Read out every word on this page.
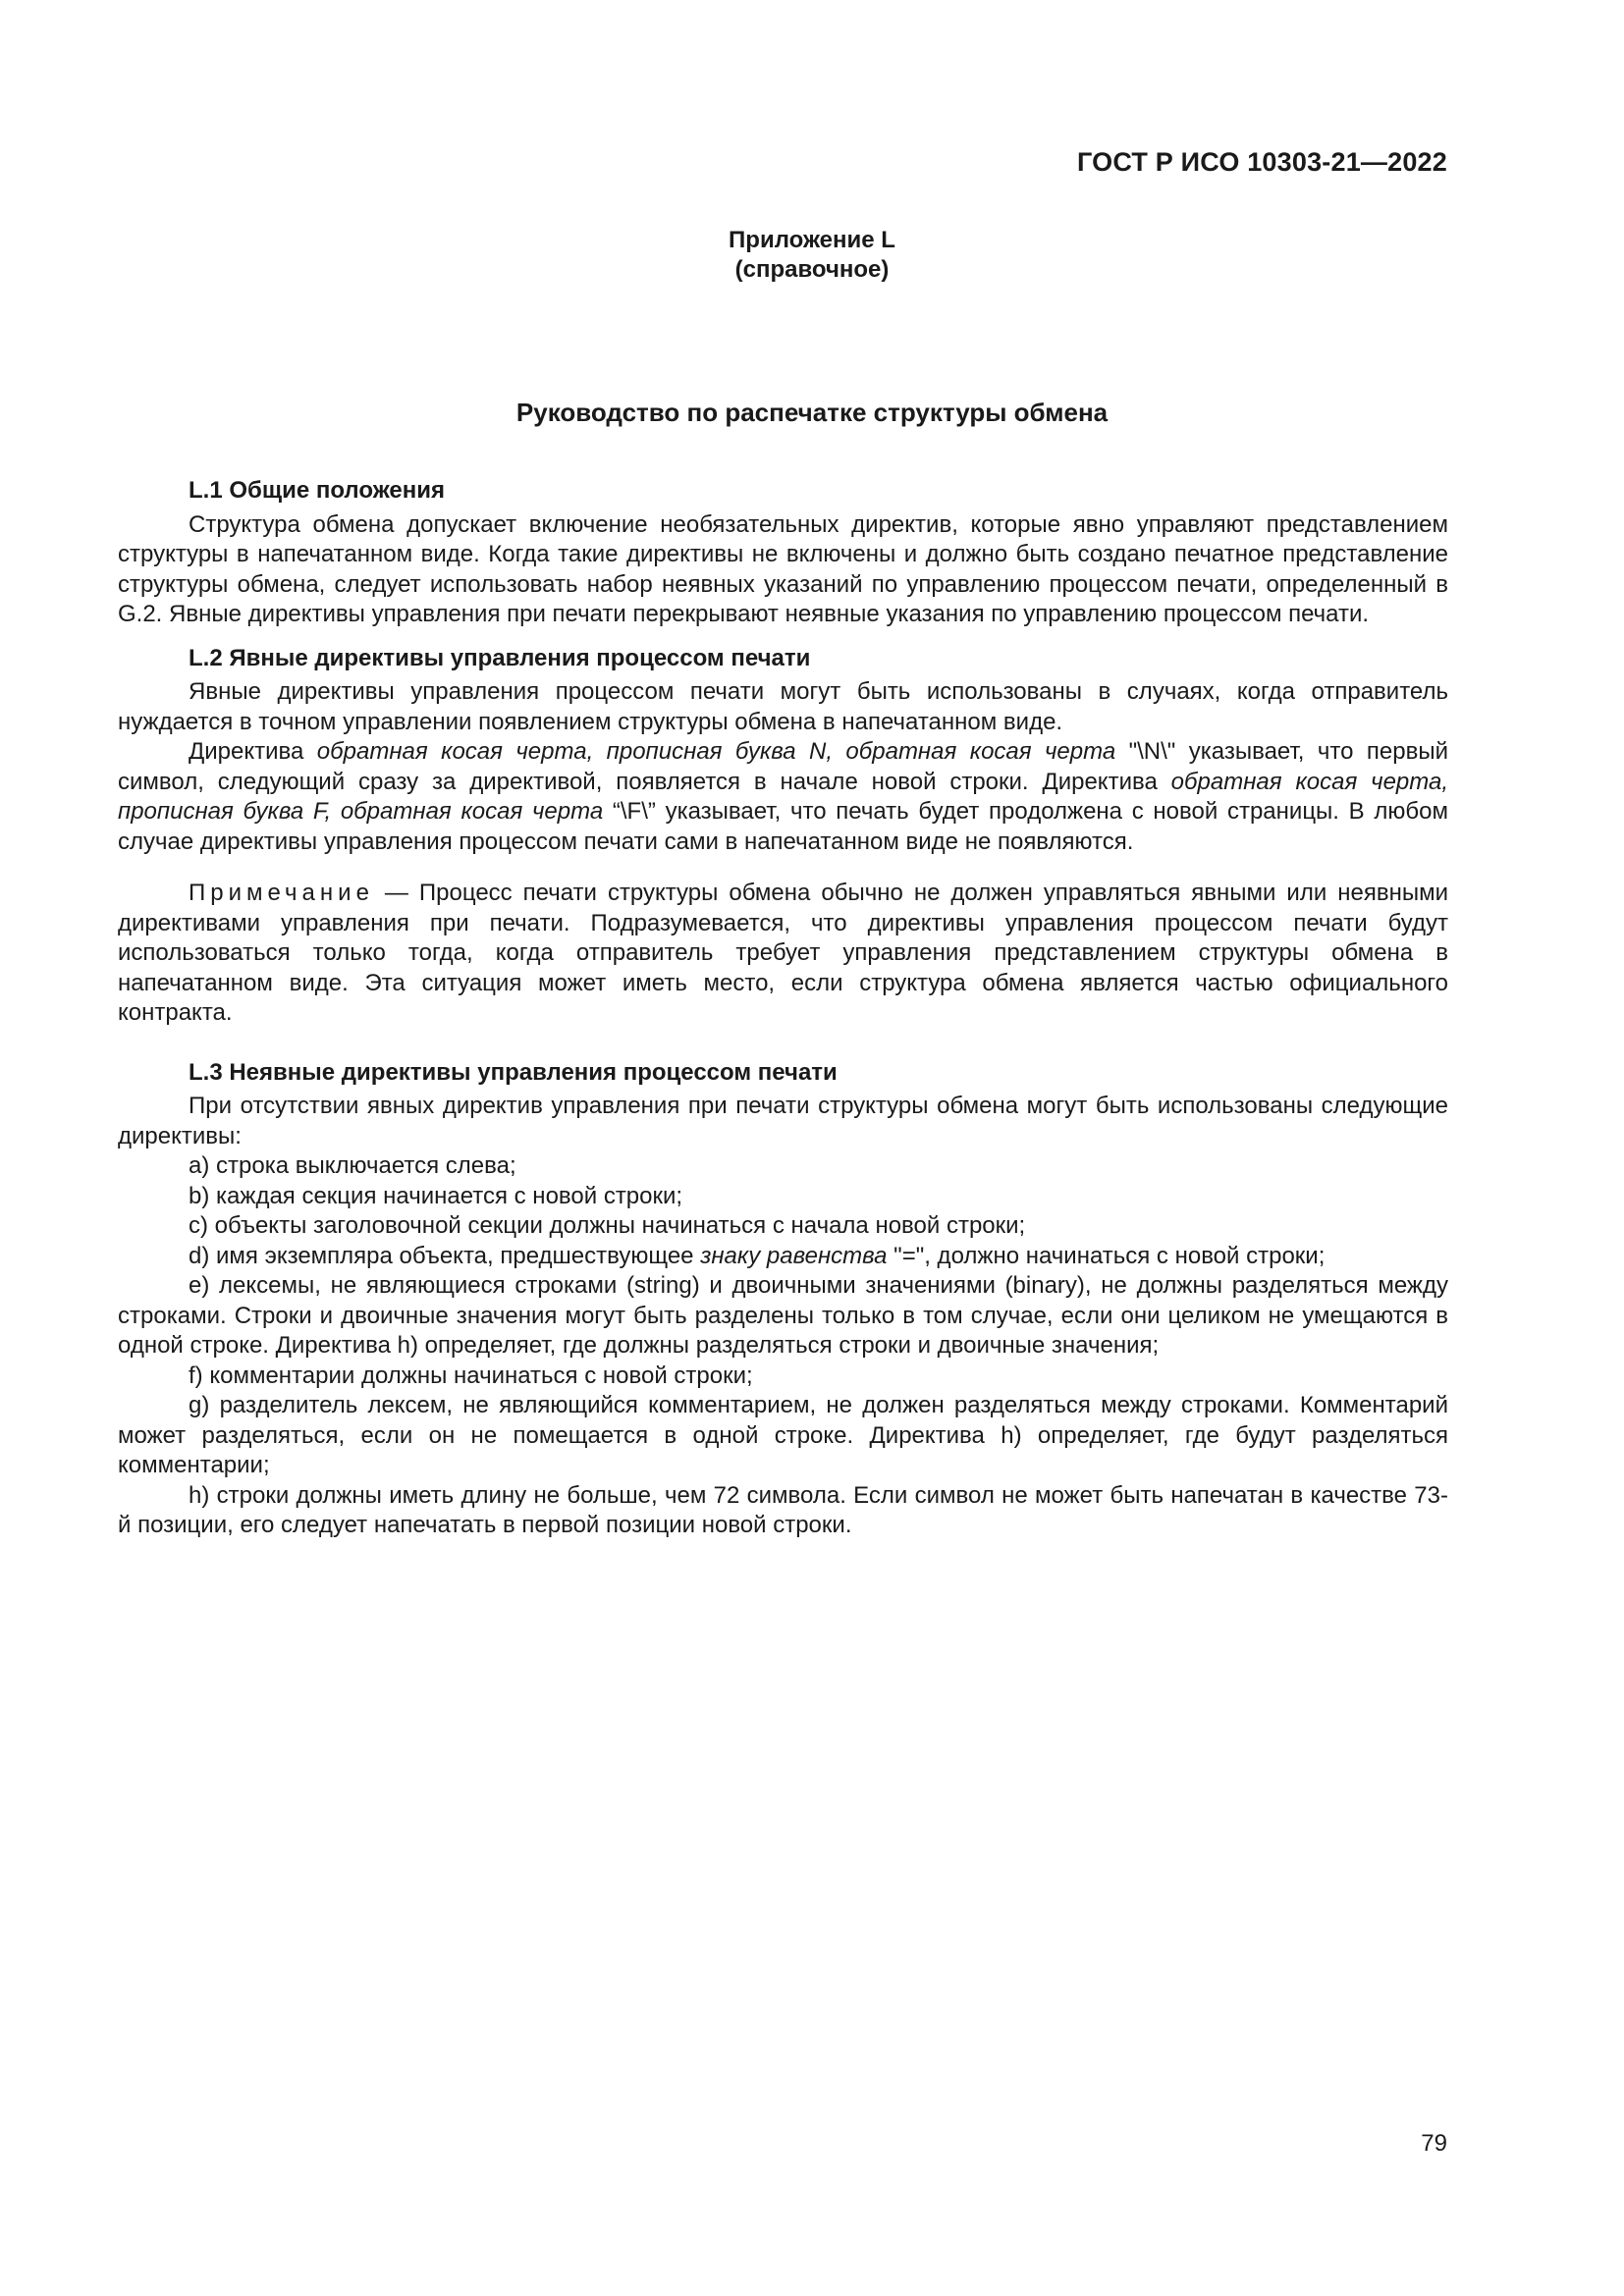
ГОСТ Р ИСО 10303-21—2022
Приложение L
(справочное)
Руководство по распечатке структуры обмена
L.1 Общие положения

Структура обмена допускает включение необязательных директив, которые явно управляют представлением структуры в напечатанном виде. Когда такие директивы не включены и должно быть создано печатное представление структуры обмена, следует использовать набор неявных указаний по управлению процессом печати, определенный в G.2. Явные директивы управления при печати перекрывают неявные указания по управлению процессом печати.

L.2 Явные директивы управления процессом печати

Явные директивы управления процессом печати могут быть использованы в случаях, когда отправитель нуждается в точном управлении появлением структуры обмена в напечатанном виде.

Директива обратная косая черта, прописная буква N, обратная косая черта "\N\" указывает, что первый символ, следующий сразу за директивой, появляется в начале новой строки. Директива обратная косая черта, прописная буква F, обратная косая черта “\F\” указывает, что печать будет продолжена с новой страницы. В любом случае директивы управления процессом печати сами в напечатанном виде не появляются.

Примечание — Процесс печати структуры обмена обычно не должен управляться явными или неявными директивами управления при печати. Подразумевается, что директивы управления процессом печати будут использоваться только тогда, когда отправитель требует управления представлением структуры обмена в напечатанном виде. Эта ситуация может иметь место, если структура обмена является частью официального контракта.

L.3 Неявные директивы управления процессом печати

При отсутствии явных директив управления при печати структуры обмена могут быть использованы следующие директивы:

a) строка выключается слева;

b) каждая секция начинается с новой строки;

c) объекты заголовочной секции должны начинаться с начала новой строки;

d) имя экземпляра объекта, предшествующее знаку равенства "=", должно начинаться с новой строки;

e) лексемы, не являющиеся строками (string) и двоичными значениями (binary), не должны разделяться между строками. Строки и двоичные значения могут быть разделены только в том случае, если они целиком не умещаются в одной строке. Директива h) определяет, где должны разделяться строки и двоичные значения;

f) комментарии должны начинаться с новой строки;

g) разделитель лексем, не являющийся комментарием, не должен разделяться между строками. Комментарий может разделяться, если он не помещается в одной строке. Директива h) определяет, где будут разделяться комментарии;

h) строки должны иметь длину не больше, чем 72 символа. Если символ не может быть напечатан в качестве 73-й позиции, его следует напечатать в первой позиции новой строки.

79
